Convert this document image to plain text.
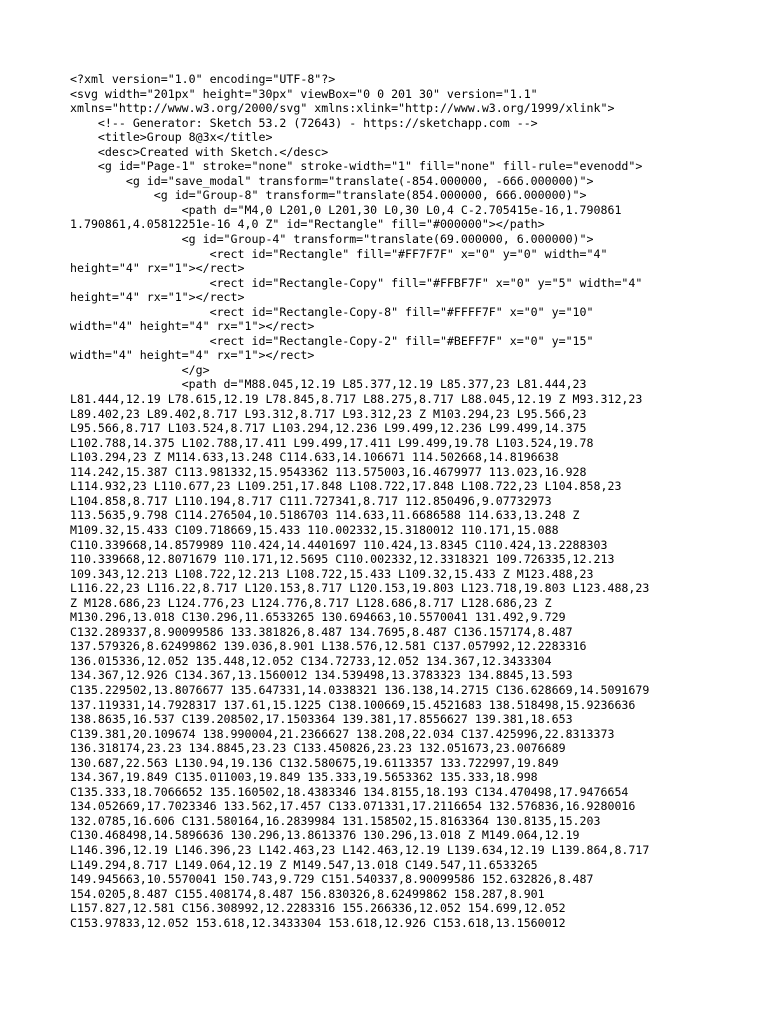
<?xml version="1.0" encoding="UTF-8"?>
<svg width="201px" height="30px" viewBox="0 0 201 30" version="1.1"
xmlns="http://www.w3.org/2000/svg" xmlns:xlink="http://www.w3.org/1999/xlink">
<!-- Generator: Sketch 53.2 (72643) - https://sketchapp.com -->
<title>Group 8@3x</title>
<desc>Created with Sketch.</desc>
<g id="Page-1" stroke="none" stroke-width="1" fill="none" fill-rule="evenodd">
<g id="save_modal" transform="translate(-854.000000, -666.000000)">
<g id="Group-8" transform="translate(854.000000, 666.000000)">
<path d="M4,0 L201,0 L201,30 L0,30 L0,4 C-2.705415e-16,1.790861
1.790861,4.05812251e-16 4,0 Z" id="Rectangle" fill="#000000"></path>
<g id="Group-4" transform="translate(69.000000, 6.000000)">
<rect id="Rectangle" fill="#FF7F7F" x="0" y="0" width="4"
height="4" rx="1"></rect>
<rect id="Rectangle-Copy" fill="#FFBF7F" x="0" y="5" width="4"
height="4" rx="1"></rect>
<rect id="Rectangle-Copy-8" fill="#FFFF7F" x="0" y="10"
width="4" height="4" rx="1"></rect>
<rect id="Rectangle-Copy-2" fill="#BEFF7F" x="0" y="15"
width="4" height="4" rx="1"></rect>
</g>
<path d="M88.045,12.19 L85.377,12.19 L85.377,23 L81.444,23
L81.444,12.19 L78.615,12.19 L78.845,8.717 L88.275,8.717 L88.045,12.19 Z M93.312,23
L89.402,23 L89.402,8.717 L93.312,8.717 L93.312,23 Z M103.294,23 L95.566,23
L95.566,8.717 L103.524,8.717 L103.294,12.236 L99.499,12.236 L99.499,14.375
L102.788,14.375 L102.788,17.411 L99.499,17.411 L99.499,19.78 L103.524,19.78
L103.294,23 Z M114.633,13.248 C114.633,14.106671 114.502668,14.8196638
114.242,15.387 C113.981332,15.9543362 113.575003,16.4679977 113.023,16.928
L114.932,23 L110.677,23 L109.251,17.848 L108.722,17.848 L108.722,23 L104.858,23
L104.858,8.717 L110.194,8.717 C111.727341,8.717 112.850496,9.07732973
113.5635,9.798 C114.276504,10.5186703 114.633,11.6686588 114.633,13.248 Z
M109.32,15.433 C109.718669,15.433 110.002332,15.3180012 110.171,15.088
C110.339668,14.8579989 110.424,14.4401697 110.424,13.8345 C110.424,13.2288303
110.339668,12.8071679 110.171,12.5695 C110.002332,12.3318321 109.726335,12.213
109.343,12.213 L108.722,12.213 L108.722,15.433 L109.32,15.433 Z M123.488,23
L116.22,23 L116.22,8.717 L120.153,8.717 L120.153,19.803 L123.718,19.803 L123.488,23
Z M128.686,23 L124.776,23 L124.776,8.717 L128.686,8.717 L128.686,23 Z
M130.296,13.018 C130.296,11.6533265 130.694663,10.5570041 131.492,9.729
C132.289337,8.90099586 133.381826,8.487 134.7695,8.487 C136.157174,8.487
137.579326,8.62499862 139.036,8.901 L138.576,12.581 C137.057992,12.2283316
136.015336,12.052 135.448,12.052 C134.72733,12.052 134.367,12.3433304
134.367,12.926 C134.367,13.1560012 134.539498,13.3783323 134.8845,13.593
C135.229502,13.8076677 135.647331,14.0338321 136.138,14.2715 C136.628669,14.5091679
137.119331,14.7928317 137.61,15.1225 C138.100669,15.4521683 138.518498,15.9236636
138.8635,16.537 C139.208502,17.1503364 139.381,17.8556627 139.381,18.653
C139.381,20.109674 138.990004,21.2366627 138.208,22.034 C137.425996,22.8313373
136.318174,23.23 134.8845,23.23 C133.450826,23.23 132.051673,23.0076689
130.687,22.563 L130.94,19.136 C132.580675,19.6113357 133.722997,19.849
134.367,19.849 C135.011003,19.849 135.333,19.5653362 135.333,18.998
C135.333,18.7066652 135.160502,18.4383346 134.8155,18.193 C134.470498,17.9476654
134.052669,17.7023346 133.562,17.457 C133.071331,17.2116654 132.576836,16.9280016
132.0785,16.606 C131.580164,16.2839984 131.158502,15.8163364 130.8135,15.203
C130.468498,14.5896636 130.296,13.8613376 130.296,13.018 Z M149.064,12.19
L146.396,12.19 L146.396,23 L142.463,23 L142.463,12.19 L139.634,12.19 L139.864,8.717
L149.294,8.717 L149.064,12.19 Z M149.547,13.018 C149.547,11.6533265
149.945663,10.5570041 150.743,9.729 C151.540337,8.90099586 152.632826,8.487
154.0205,8.487 C155.408174,8.487 156.830326,8.62499862 158.287,8.901
L157.827,12.581 C156.308992,12.2283316 155.266336,12.052 154.699,12.052
C153.97833,12.052 153.618,12.3433304 153.618,12.926 C153.618,13.1560012
